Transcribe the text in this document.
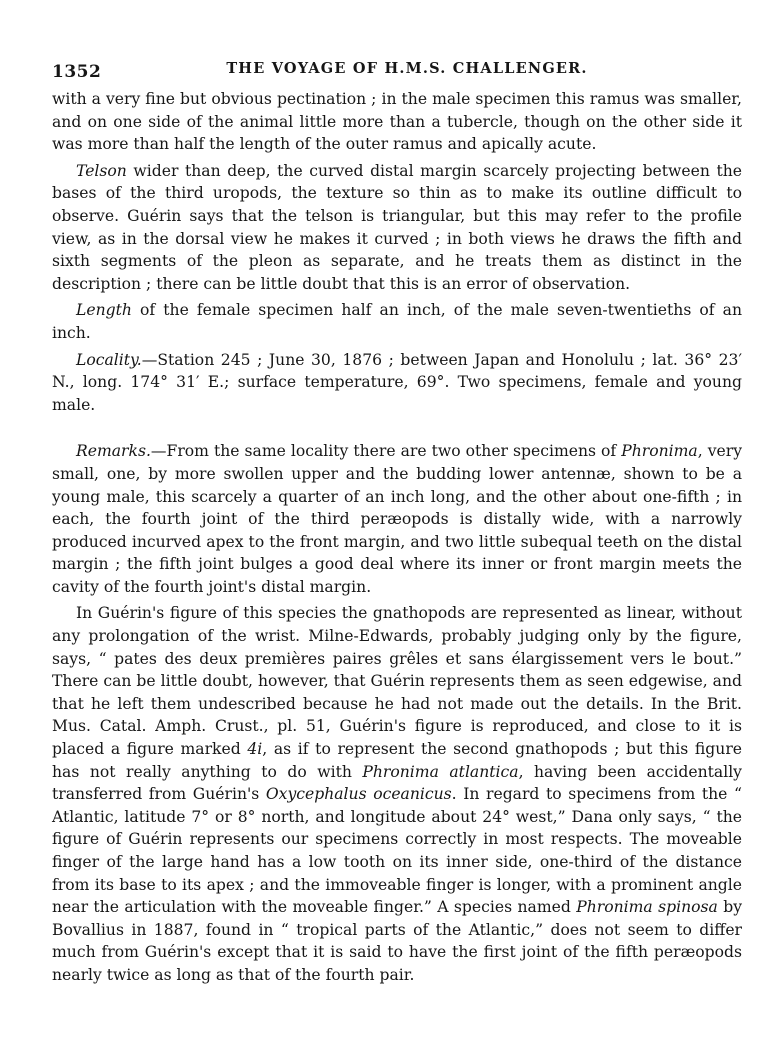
1352	THE VOYAGE OF H.M.S. CHALLENGER.

with a very fine but obvious pectination ; in the male specimen this ramus was smaller, and on one side of the animal little more than a tubercle, though on the other side it was more than half the length of the outer ramus and apically acute.

Telson wider than deep, the curved distal margin scarcely projecting between the bases of the third uropods, the texture so thin as to make its outline difficult to observe. Guérin says that the telson is triangular, but this may refer to the profile view, as in the dorsal view he makes it curved ; in both views he draws the fifth and sixth segments of the pleon as separate, and he treats them as distinct in the description ; there can be little doubt that this is an error of observation.

Length of the female specimen half an inch, of the male seven-twentieths of an inch.

Locality.—Station 245 ; June 30, 1876 ; between Japan and Honolulu ; lat. 36° 23′ N., long. 174° 31′ E.; surface temperature, 69°. Two specimens, female and young male.

Remarks.—From the same locality there are two other specimens of Phronima, very small, one, by more swollen upper and the budding lower antennæ, shown to be a young male, this scarcely a quarter of an inch long, and the other about one-fifth ; in each, the fourth joint of the third peræopods is distally wide, with a narrowly produced incurved apex to the front margin, and two little subequal teeth on the distal margin ; the fifth joint bulges a good deal where its inner or front margin meets the cavity of the fourth joint's distal margin.

In Guérin's figure of this species the gnathopods are represented as linear, without any prolongation of the wrist. Milne-Edwards, probably judging only by the figure, says, “ pates des deux premières paires grêles et sans élargissement vers le bout.” There can be little doubt, however, that Guérin represents them as seen edgewise, and that he left them undescribed because he had not made out the details. In the Brit. Mus. Catal. Amph. Crust., pl. 51, Guérin's figure is reproduced, and close to it is placed a figure marked 4i, as if to represent the second gnathopods ; but this figure has not really anything to do with Phronima atlantica, having been accidentally transferred from Guérin's Oxycephalus oceanicus. In regard to specimens from the “ Atlantic, latitude 7° or 8° north, and longitude about 24° west,” Dana only says, “ the figure of Guérin represents our specimens correctly in most respects. The moveable finger of the large hand has a low tooth on its inner side, one-third of the distance from its base to its apex ; and the immoveable finger is longer, with a prominent angle near the articulation with the moveable finger.” A species named Phronima spinosa by Bovallius in 1887, found in “ tropical parts of the Atlantic,” does not seem to differ much from Guérin's except that it is said to have the first joint of the fifth peræopods nearly twice as long as that of the fourth pair.
